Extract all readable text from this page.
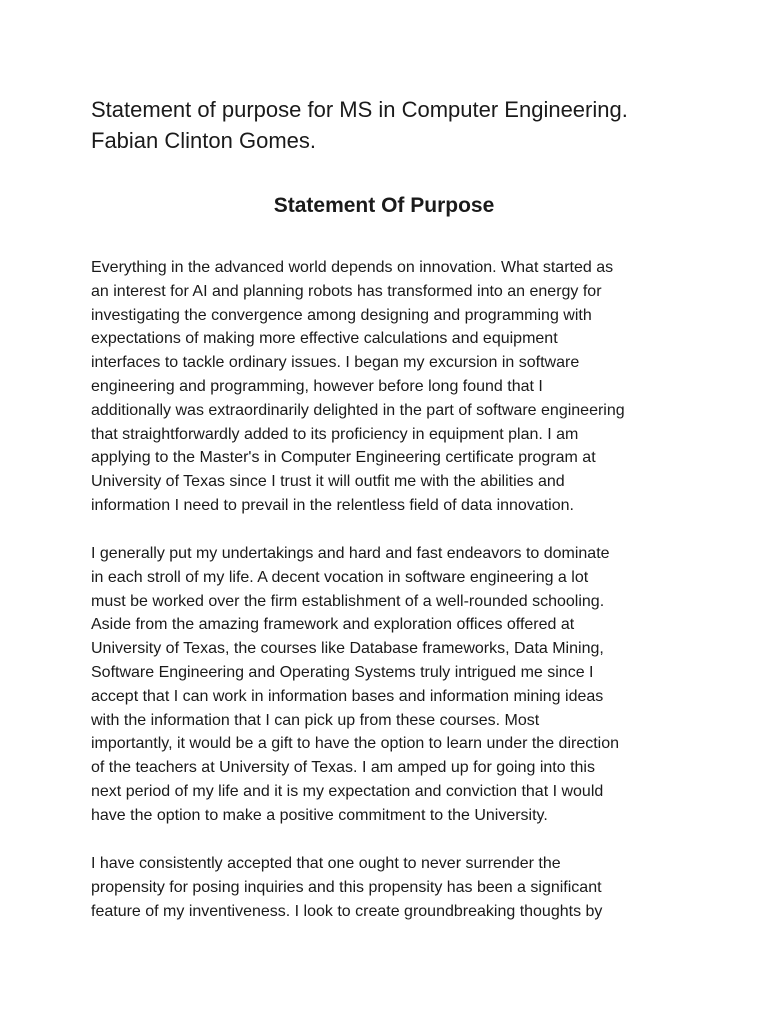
Statement of purpose for MS in Computer Engineering.
Fabian Clinton Gomes.
Statement Of Purpose

Everything in the advanced world depends on innovation. What started as
an interest for AI and planning robots has transformed into an energy for
investigating the convergence among designing and programming with
expectations of making more effective calculations and equipment
interfaces to tackle ordinary issues. I began my excursion in software
engineering and programming, however before long found that I
additionally was extraordinarily delighted in the part of software engineering
that straightforwardly added to its proficiency in equipment plan. I am
applying to the Master's in Computer Engineering certificate program at
University of Texas since I trust it will outfit me with the abilities and
information I need to prevail in the relentless field of data innovation.

I generally put my undertakings and hard and fast endeavors to dominate
in each stroll of my life. A decent vocation in software engineering a lot
must be worked over the firm establishment of a well-rounded schooling.
Aside from the amazing framework and exploration offices offered at
University of Texas, the courses like Database frameworks, Data Mining,
Software Engineering and Operating Systems truly intrigued me since I
accept that I can work in information bases and information mining ideas
with the information that I can pick up from these courses. Most
importantly, it would be a gift to have the option to learn under the direction
of the teachers at University of Texas. I am amped up for going into this
next period of my life and it is my expectation and conviction that I would
have the option to make a positive commitment to the University.

I have consistently accepted that one ought to never surrender the
propensity for posing inquiries and this propensity has been a significant
feature of my inventiveness. I look to create groundbreaking thoughts by
